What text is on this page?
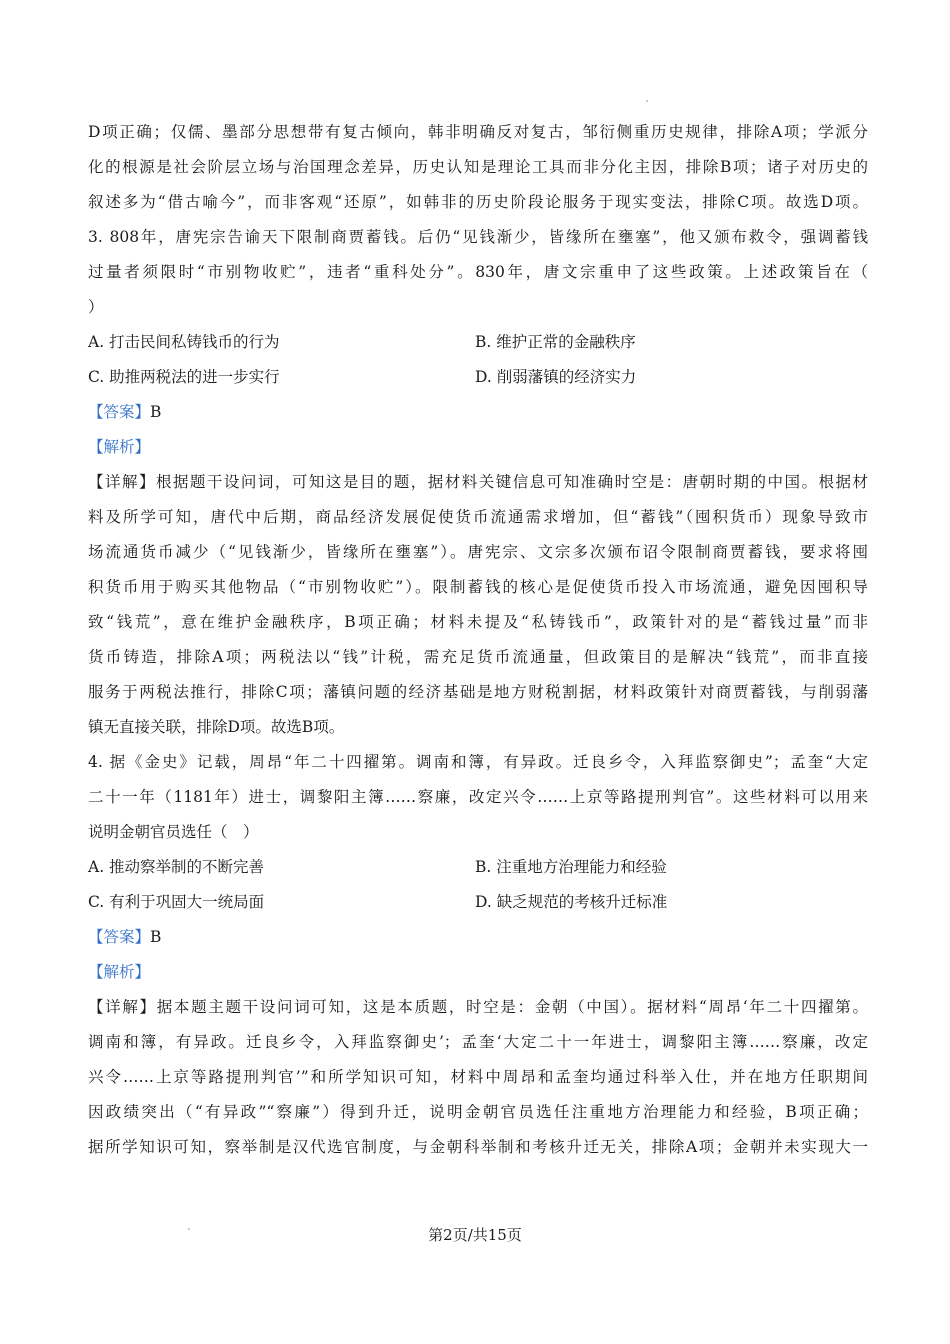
D项正确；仅儒、墨部分思想带有复古倾向，韩非明确反对复古，邹衍侧重历史规律，排除A项；学派分
化的根源是社会阶层立场与治国理念差异，历史认知是理论工具而非分化主因，排除B项；诸子对历史的
叙述多为“借古喻今”，而非客观“还原”，如韩非的历史阶段论服务于现实变法，排除C项。故选D项。
3. 808年，唐宪宗告谕天下限制商贾蓄钱。后仍“见钱渐少，皆缘所在壅塞”，他又颁布救令，强调蓄钱
过量者须限时“市别物收贮”，违者“重科处分”。830年，唐文宗重申了这些政策。上述政策旨在（
）
A. 打击民间私铸钱币的行为	B. 维护正常的金融秩序
C. 助推两税法的进一步实行	D. 削弱藩镇的经济实力
【答案】B
【解析】
【详解】根据题干设问词，可知这是目的题，据材料关键信息可知准确时空是：唐朝时期的中国。根据材
料及所学可知，唐代中后期，商品经济发展促使货币流通需求增加，但“蓄钱”（囤积货币）现象导致市
场流通货币减少（“见钱渐少，皆缘所在壅塞”）。唐宪宗、文宗多次颁布诏令限制商贾蓄钱，要求将囤
积货币用于购买其他物品（“市别物收贮”）。限制蓄钱的核心是促使货币投入市场流通，避免因囤积导
致“钱荒”，意在维护金融秩序，B项正确；材料未提及“私铸钱币”，政策针对的是“蓄钱过量”而非
货币铸造，排除A项；两税法以“钱”计税，需充足货币流通量，但政策目的是解决“钱荒”，而非直接
服务于两税法推行，排除C项；藩镇问题的经济基础是地方财税割据，材料政策针对商贾蓄钱，与削弱藩
镇无直接关联，排除D项。故选B项。
4. 据《金史》记载，周昂“年二十四擢第。调南和簿，有异政。迁良乡令，入拜监察御史”；孟奎“大定
二十一年（1181年）进士，调黎阳主簿……察廉，改定兴令……上京等路提刑判官”。这些材料可以用来
说明金朝官员选任（　）
A. 推动察举制的不断完善	B. 注重地方治理能力和经验
C. 有利于巩固大一统局面	D. 缺乏规范的考核升迁标准
【答案】B
【解析】
【详解】据本题主题干设问词可知，这是本质题，时空是：金朝（中国）。据材料“周昂‘年二十四擢第。
调南和簿，有异政。迁良乡令，入拜监察御史’；孟奎‘大定二十一年进士，调黎阳主簿……察廉，改定
兴令……上京等路提刑判官’”和所学知识可知，材料中周昂和孟奎均通过科举入仕，并在地方任职期间
因政绩突出（“有异政”“察廉”）得到升迁，说明金朝官员选任注重地方治理能力和经验，B项正确；
据所学知识可知，察举制是汉代选官制度，与金朝科举制和考核升迁无关，排除A项；金朝并未实现大一
第2页/共15页
